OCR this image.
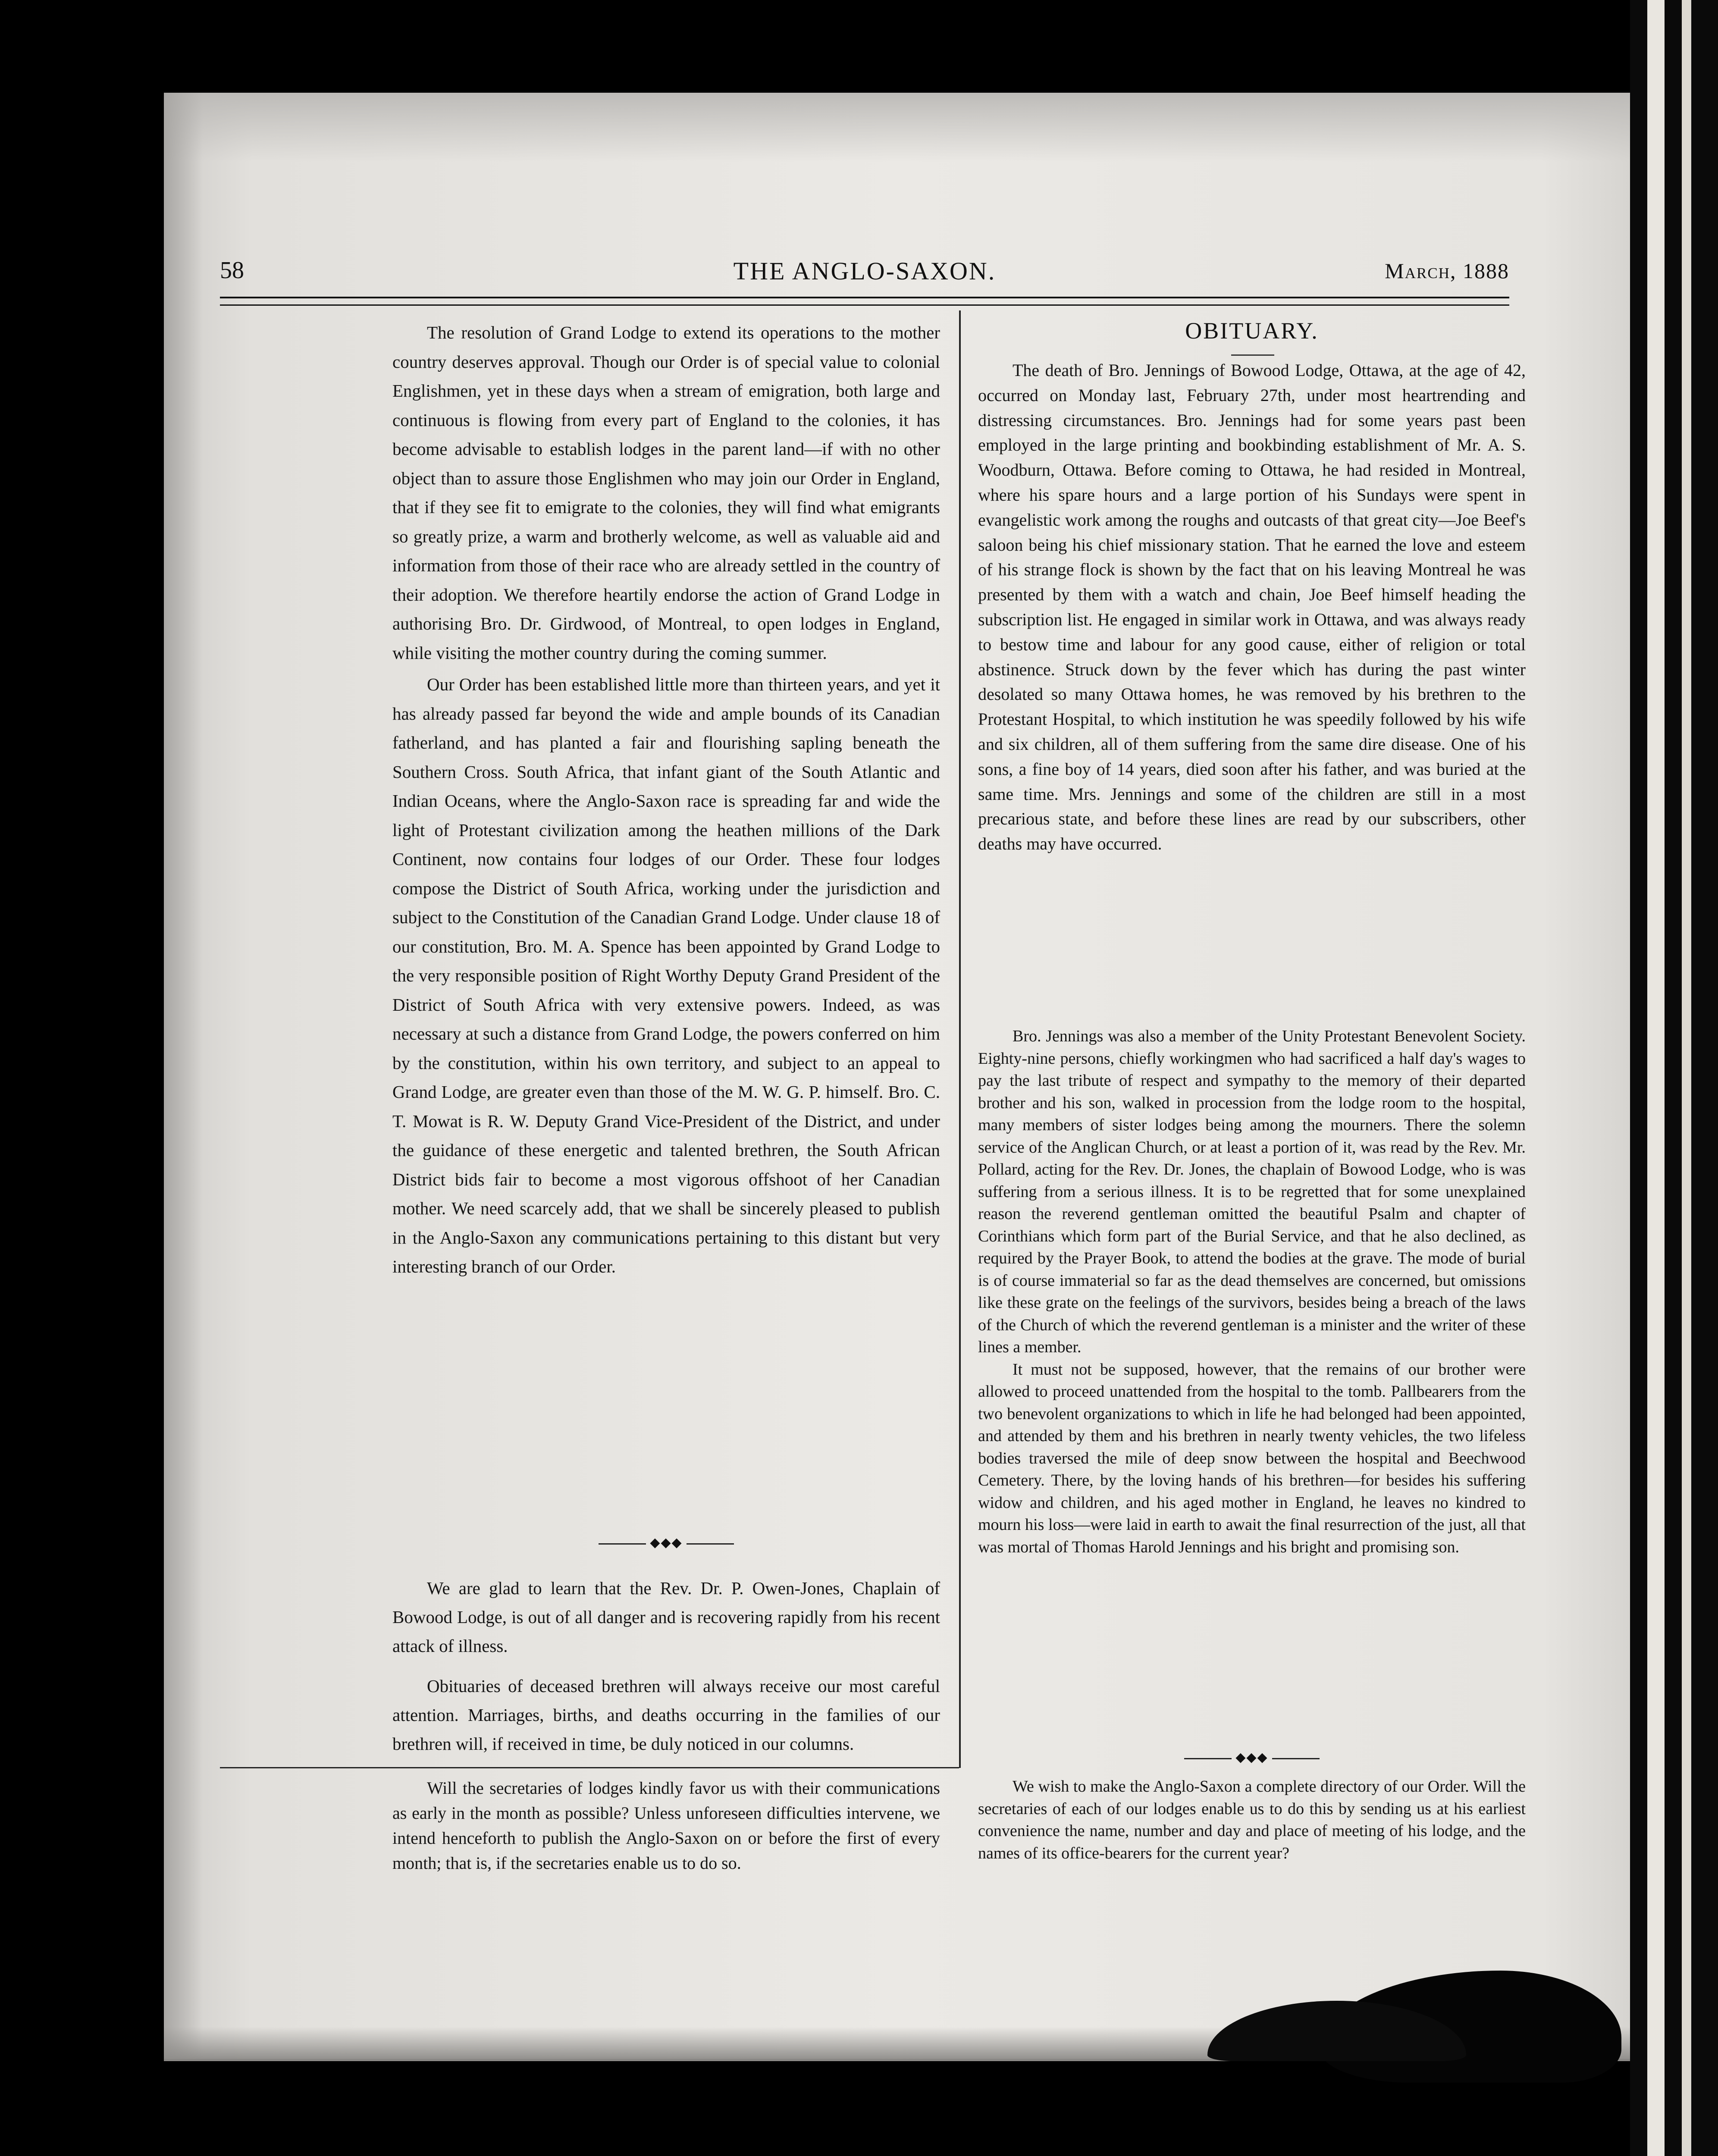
58	THE ANGLO-SAXON.	March, 1888

The resolution of Grand Lodge to extend its operations to the mother country deserves approval. Though our Order is of special value to colonial Englishmen, yet in these days when a stream of emigration, both large and continuous is flowing from every part of England to the colonies, it has become advisable to establish lodges in the parent land—if with no other object than to assure those Englishmen who may join our Order in England, that if they see fit to emigrate to the colonies, they will find what emigrants so greatly prize, a warm and brotherly welcome, as well as valuable aid and information from those of their race who are already settled in the country of their adoption. We therefore heartily endorse the action of Grand Lodge in authorising Bro. Dr. Girdwood, of Montreal, to open lodges in England, while visiting the mother country during the coming summer.

Our Order has been established little more than thirteen years, and yet it has already passed far beyond the wide and ample bounds of its Canadian fatherland, and has planted a fair and flourishing sapling beneath the Southern Cross. South Africa, that infant giant of the South Atlantic and Indian Oceans, where the Anglo-Saxon race is spreading far and wide the light of Protestant civilization among the heathen millions of the Dark Continent, now contains four lodges of our Order. These four lodges compose the District of South Africa, working under the jurisdiction and subject to the Constitution of the Canadian Grand Lodge. Under clause 18 of our constitution, Bro. M. A. Spence has been appointed by Grand Lodge to the very responsible position of Right Worthy Deputy Grand President of the District of South Africa with very extensive powers. Indeed, as was necessary at such a distance from Grand Lodge, the powers conferred on him by the constitution, within his own territory, and subject to an appeal to Grand Lodge, are greater even than those of the M. W. G. P. himself. Bro. C. T. Mowat is R. W. Deputy Grand Vice-President of the District, and under the guidance of these energetic and talented brethren, the South African District bids fair to become a most vigorous offshoot of her Canadian mother. We need scarcely add, that we shall be sincerely pleased to publish in the Anglo-Saxon any communications pertaining to this distant but very interesting branch of our Order.

◆◆◆

We are glad to learn that the Rev. Dr. P. Owen-Jones, Chaplain of Bowood Lodge, is out of all danger and is recovering rapidly from his recent attack of illness.

Obituaries of deceased brethren will always receive our most careful attention. Marriages, births, and deaths occurring in the families of our brethren will, if received in time, be duly noticed in our columns.

Will the secretaries of lodges kindly favor us with their communications as early in the month as possible? Unless unforeseen difficulties intervene, we intend henceforth to publish the Anglo-Saxon on or before the first of every month; that is, if the secretaries enable us to do so.

OBITUARY.

The death of Bro. Jennings of Bowood Lodge, Ottawa, at the age of 42, occurred on Monday last, February 27th, under most heartrending and distressing circumstances. Bro. Jennings had for some years past been employed in the large printing and bookbinding establishment of Mr. A. S. Woodburn, Ottawa. Before coming to Ottawa, he had resided in Montreal, where his spare hours and a large portion of his Sundays were spent in evangelistic work among the roughs and outcasts of that great city—Joe Beef's saloon being his chief missionary station. That he earned the love and esteem of his strange flock is shown by the fact that on his leaving Montreal he was presented by them with a watch and chain, Joe Beef himself heading the subscription list. He engaged in similar work in Ottawa, and was always ready to bestow time and labour for any good cause, either of religion or total abstinence. Struck down by the fever which has during the past winter desolated so many Ottawa homes, he was removed by his brethren to the Protestant Hospital, to which institution he was speedily followed by his wife and six children, all of them suffering from the same dire disease. One of his sons, a fine boy of 14 years, died soon after his father, and was buried at the same time. Mrs. Jennings and some of the children are still in a most precarious state, and before these lines are read by our subscribers, other deaths may have occurred.

Bro. Jennings was also a member of the Unity Protestant Benevolent Society. Eighty-nine persons, chiefly workingmen who had sacrificed a half day's wages to pay the last tribute of respect and sympathy to the memory of their departed brother and his son, walked in procession from the lodge room to the hospital, many members of sister lodges being among the mourners. There the solemn service of the Anglican Church, or at least a portion of it, was read by the Rev. Mr. Pollard, acting for the Rev. Dr. Jones, the chaplain of Bowood Lodge, who is was suffering from a serious illness. It is to be regretted that for some unexplained reason the reverend gentleman omitted the beautiful Psalm and chapter of Corinthians which form part of the Burial Service, and that he also declined, as required by the Prayer Book, to attend the bodies at the grave. The mode of burial is of course immaterial so far as the dead themselves are concerned, but omissions like these grate on the feelings of the survivors, besides being a breach of the laws of the Church of which the reverend gentleman is a minister and the writer of these lines a member.

It must not be supposed, however, that the remains of our brother were allowed to proceed unattended from the hospital to the tomb. Pallbearers from the two benevolent organizations to which in life he had belonged had been appointed, and attended by them and his brethren in nearly twenty vehicles, the two lifeless bodies traversed the mile of deep snow between the hospital and Beechwood Cemetery. There, by the loving hands of his brethren—for besides his suffering widow and children, and his aged mother in England, he leaves no kindred to mourn his loss—were laid in earth to await the final resurrection of the just, all that was mortal of Thomas Harold Jennings and his bright and promising son.

◆◆◆

We wish to make the Anglo-Saxon a complete directory of our Order. Will the secretaries of each of our lodges enable us to do this by sending us at his earliest convenience the name, number and day and place of meeting of his lodge, and the names of its office-bearers for the current year?
